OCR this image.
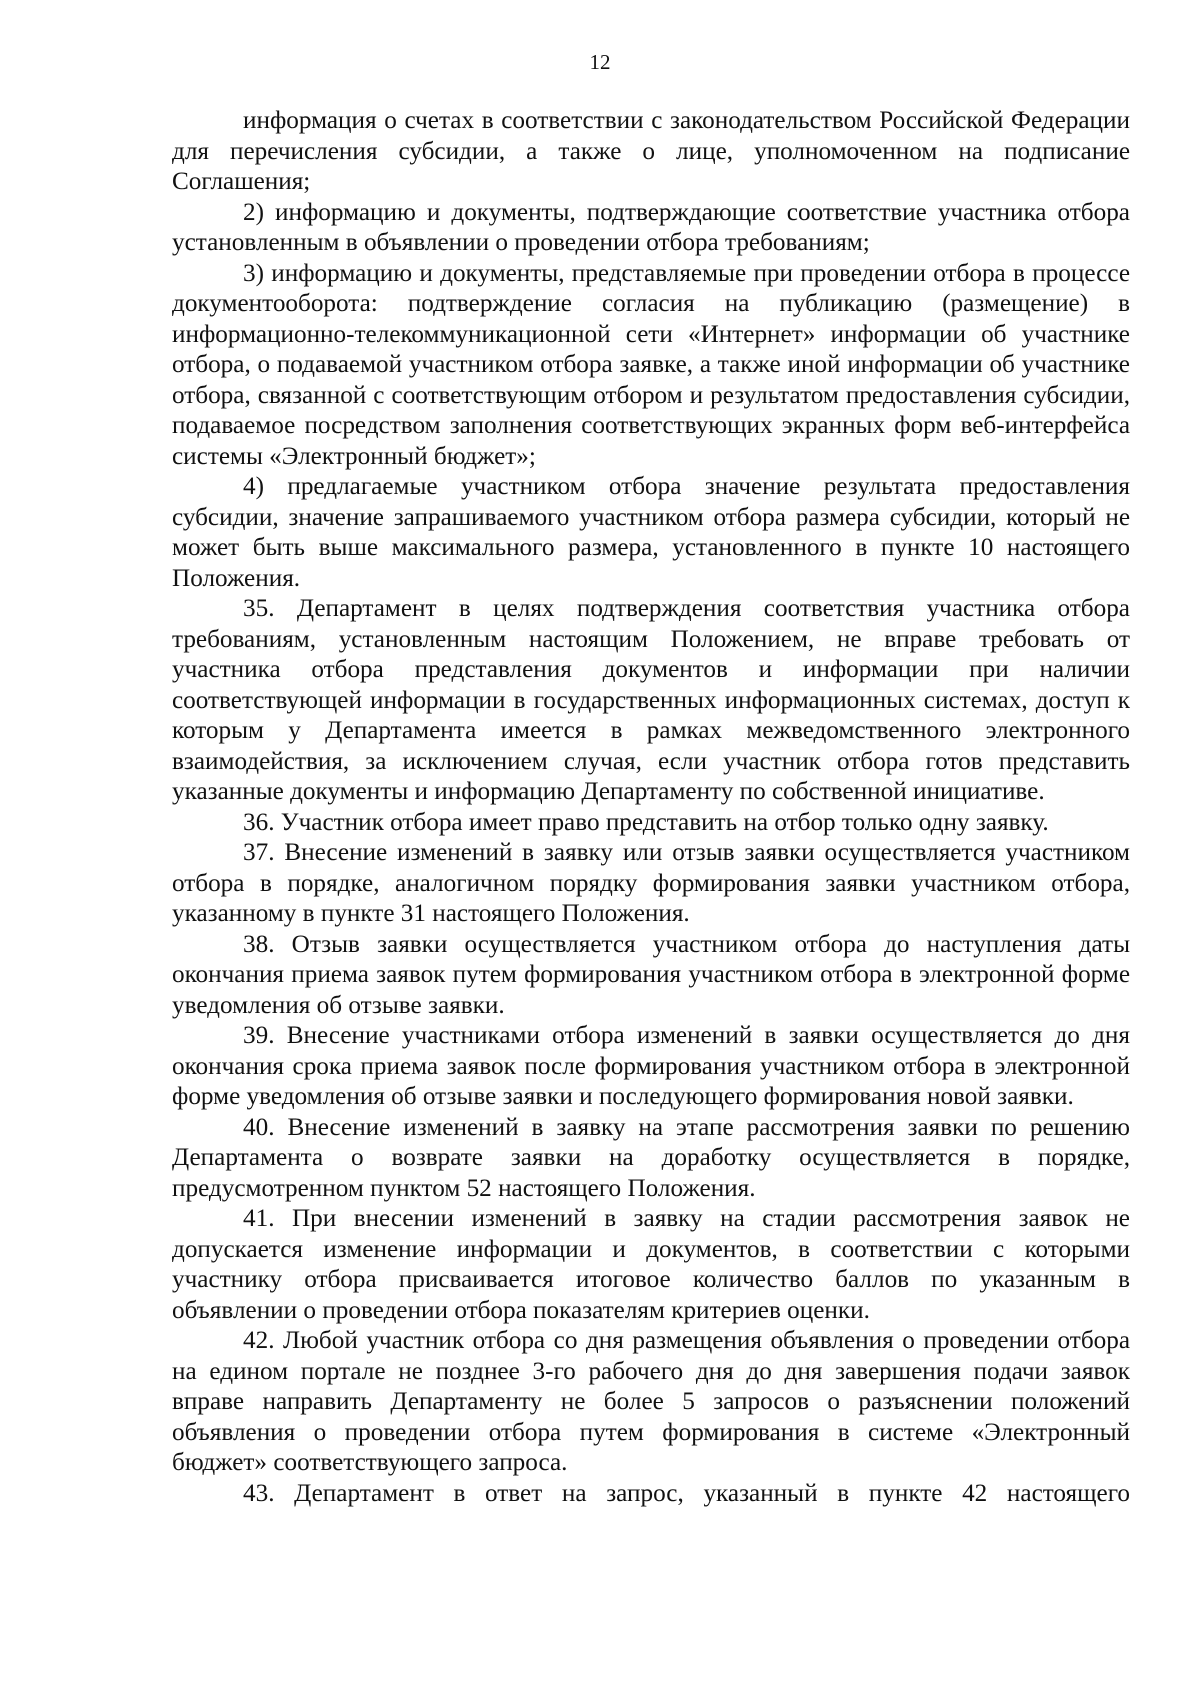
12

информация о счетах в соответствии с законодательством Российской Федерации для перечисления субсидии, а также о лице, уполномоченном на подписание Соглашения;

2) информацию и документы, подтверждающие соответствие участника отбора установленным в объявлении о проведении отбора требованиям;

3) информацию и документы, представляемые при проведении отбора в процессе документооборота: подтверждение согласия на публикацию (размещение) в информационно-телекоммуникационной сети «Интернет» информации об участнике отбора, о подаваемой участником отбора заявке, а также иной информации об участнике отбора, связанной с соответствующим отбором и результатом предоставления субсидии, подаваемое посредством заполнения соответствующих экранных форм веб-интерфейса системы «Электронный бюджет»;

4) предлагаемые участником отбора значение результата предоставления субсидии, значение запрашиваемого участником отбора размера субсидии, который не может быть выше максимального размера, установленного в пункте 10 настоящего Положения.

35. Департамент в целях подтверждения соответствия участника отбора требованиям, установленным настоящим Положением, не вправе требовать от участника отбора представления документов и информации при наличии соответствующей информации в государственных информационных системах, доступ к которым у Департамента имеется в рамках межведомственного электронного взаимодействия, за исключением случая, если участник отбора готов представить указанные документы и информацию Департаменту по собственной инициативе.

36. Участник отбора имеет право представить на отбор только одну заявку.

37. Внесение изменений в заявку или отзыв заявки осуществляется участником отбора в порядке, аналогичном порядку формирования заявки участником отбора, указанному в пункте 31 настоящего Положения.

38. Отзыв заявки осуществляется участником отбора до наступления даты окончания приема заявок путем формирования участником отбора в электронной форме уведомления об отзыве заявки.

39. Внесение участниками отбора изменений в заявки осуществляется до дня окончания срока приема заявок после формирования участником отбора в электронной форме уведомления об отзыве заявки и последующего формирования новой заявки.

40. Внесение изменений в заявку на этапе рассмотрения заявки по решению Департамента о возврате заявки на доработку осуществляется в порядке, предусмотренном пунктом 52 настоящего Положения.

41. При внесении изменений в заявку на стадии рассмотрения заявок не допускается изменение информации и документов, в соответствии с которыми участнику отбора присваивается итоговое количество баллов по указанным в объявлении о проведении отбора показателям критериев оценки.

42. Любой участник отбора со дня размещения объявления о проведении отбора на едином портале не позднее 3-го рабочего дня до дня завершения подачи заявок вправе направить Департаменту не более 5 запросов о разъяснении положений объявления о проведении отбора путем формирования в системе «Электронный бюджет» соответствующего запроса.

43. Департамент в ответ на запрос, указанный в пункте 42 настоящего
